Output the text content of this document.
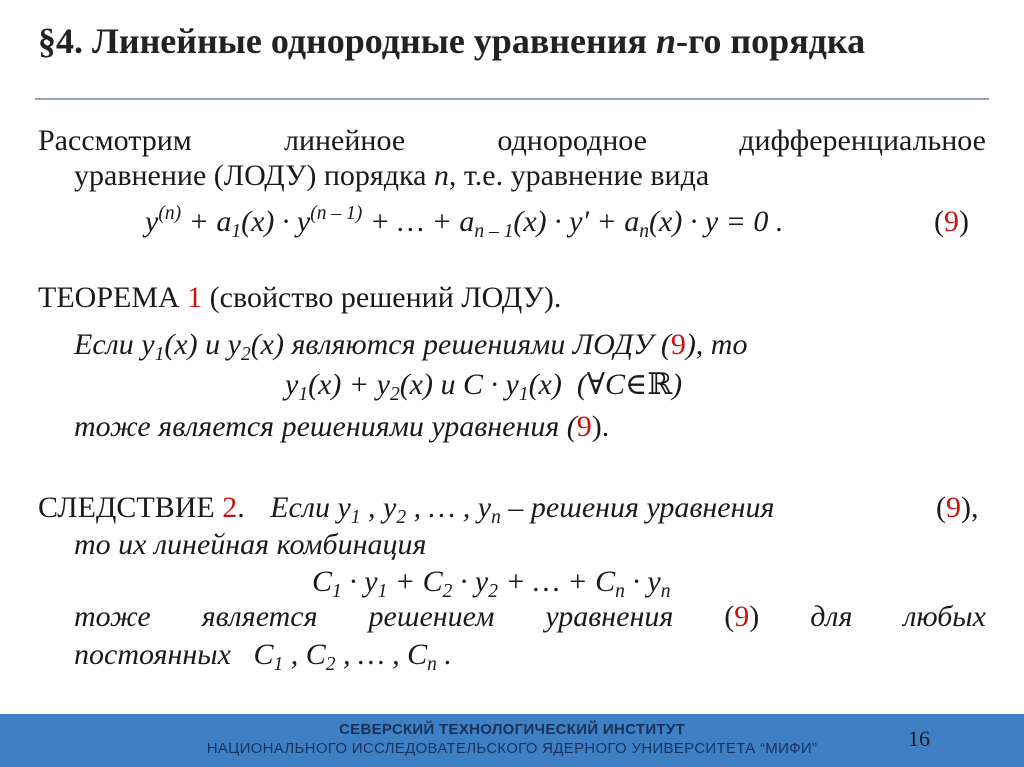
§4. Линейные однородные уравнения n-го порядка
Рассмотрим	линейное	однородное	дифференциальное
уравнение (ЛОДУ) порядка n, т.е. уравнение вида
$y^{(n)} + a_1(x) \cdot y^{(n - 1)}$ + … + $a_{n - 1}(x) \cdot y' + a_n(x) \cdot y = 0$ .	(9)
ТЕОРЕМА 1 (свойство решений ЛОДУ).
Если $y_1(x)$ и $y_2(x)$ являются решениями ЛОДУ (9), то
$y_1(x) + y_2(x)$ и $C \cdot y_1(x)$  (∀C∈ℝ)
тоже является решениями уравнения (9).
СЛЕДСТВИЕ 2. Если $y_1$ , $y_2$ , … , $y_n$ – решения уравнения	(9),
то их линейная комбинация
$C_1 \cdot y_1 + C_2 \cdot y_2$ + … + $C_n \cdot y_n$
тоже является решением уравнения (9) для любых
постоянных   $C_1$ , $C_2$ , … , $C_n$ .
СЕВЕРСКИЙ ТЕХНОЛОГИЧЕСКИЙ ИНСТИТУТ
НАЦИОНАЛЬНОГО ИССЛЕДОВАТЕЛЬСКОГО ЯДЕРНОГО УНИВЕРСИТЕТА “МИФИ”	16
